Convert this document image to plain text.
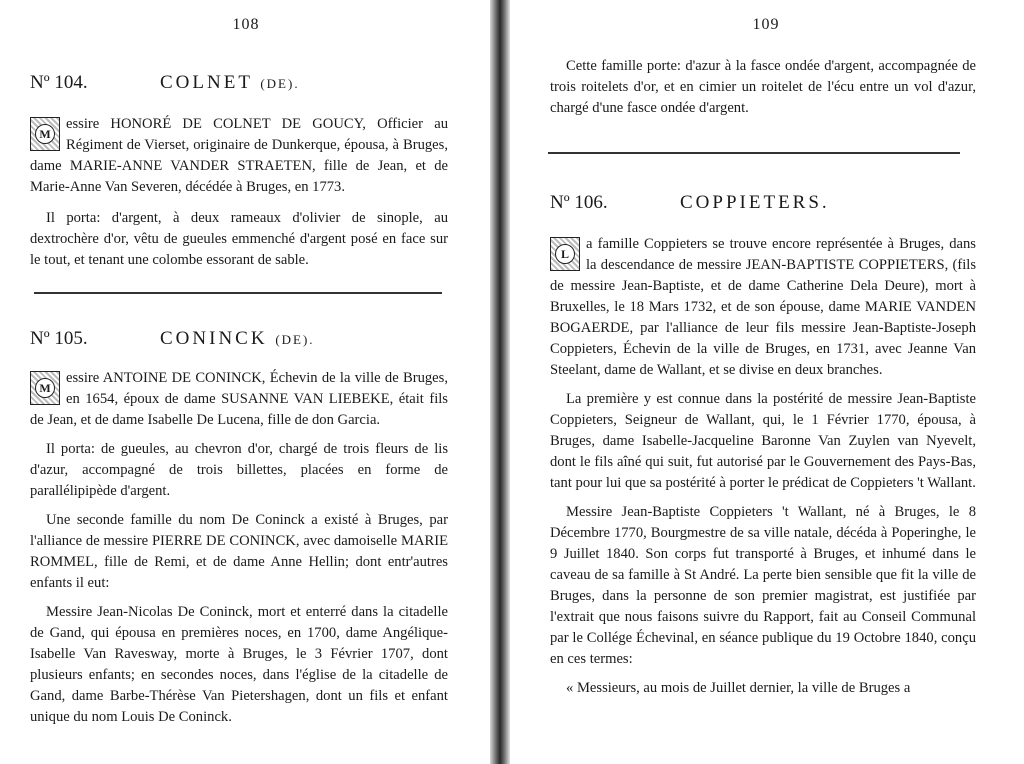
108
Nº 104.	COLNET (DE).
M

essire HONORÉ DE COLNET DE GOUCY, Officier au Régiment de Vierset, originaire de Dunkerque, épousa, à Bruges, dame MARIE-ANNE VANDER STRAETEN, fille de Jean, et de Marie-Anne Van Severen, décédée à Bruges, en 1773.

Il porta: d'argent, à deux rameaux d'olivier de sinople, au dextrochère d'or, vêtu de gueules emmenché d'argent posé en face sur le tout, et tenant une colombe essorant de sable.

Nº 105.	CONINCK (DE).
M

essire ANTOINE DE CONINCK, Échevin de la ville de Bruges, en 1654, époux de dame SUSANNE VAN LIEBEKE, était fils de Jean, et de dame Isabelle De Lucena, fille de don Garcia.

Il porta: de gueules, au chevron d'or, chargé de trois fleurs de lis d'azur, accompagné de trois billettes, placées en forme de parallélipipède d'argent.

Une seconde famille du nom De Coninck a existé à Bruges, par l'alliance de messire PIERRE DE CONINCK, avec damoiselle MARIE ROMMEL, fille de Remi, et de dame Anne Hellin; dont entr'autres enfants il eut:

Messire Jean-Nicolas De Coninck, mort et enterré dans la citadelle de Gand, qui épousa en premières noces, en 1700, dame Angélique-Isabelle Van Ravesway, morte à Bruges, le 3 Février 1707, dont plusieurs enfants; en secondes noces, dans l'église de la citadelle de Gand, dame Barbe-Thérèse Van Pietershagen, dont un fils et enfant unique du nom Louis De Coninck.

109

Cette famille porte: d'azur à la fasce ondée d'argent, accompagnée de trois roitelets d'or, et en cimier un roitelet de l'écu entre un vol d'azur, chargé d'une fasce ondée d'argent.

Nº 106.	COPPIETERS.
L

a famille Coppieters se trouve encore représentée à Bruges, dans la descendance de messire JEAN-BAPTISTE COPPIETERS, (fils de messire Jean-Baptiste, et de dame Catherine Dela Deure), mort à Bruxelles, le 18 Mars 1732, et de son épouse, dame MARIE VANDEN BOGAERDE, par l'alliance de leur fils messire Jean-Baptiste-Joseph Coppieters, Échevin de la ville de Bruges, en 1731, avec Jeanne Van Steelant, dame de Wallant, et se divise en deux branches.

La première y est connue dans la postérité de messire Jean-Baptiste Coppieters, Seigneur de Wallant, qui, le 1 Février 1770, épousa, à Bruges, dame Isabelle-Jacqueline Baronne Van Zuylen van Nyevelt, dont le fils aîné qui suit, fut autorisé par le Gouvernement des Pays-Bas, tant pour lui que sa postérité à porter le prédicat de Coppieters 't Wallant.

Messire Jean-Baptiste Coppieters 't Wallant, né à Bruges, le 8 Décembre 1770, Bourgmestre de sa ville natale, décéda à Poperinghe, le 9 Juillet 1840. Son corps fut transporté à Bruges, et inhumé dans le caveau de sa famille à St André. La perte bien sensible que fit la ville de Bruges, dans la personne de son premier magistrat, est justifiée par l'extrait que nous faisons suivre du Rapport, fait au Conseil Communal par le Collége Échevinal, en séance publique du 19 Octobre 1840, conçu en ces termes:

« Messieurs, au mois de Juillet dernier, la ville de Bruges a
